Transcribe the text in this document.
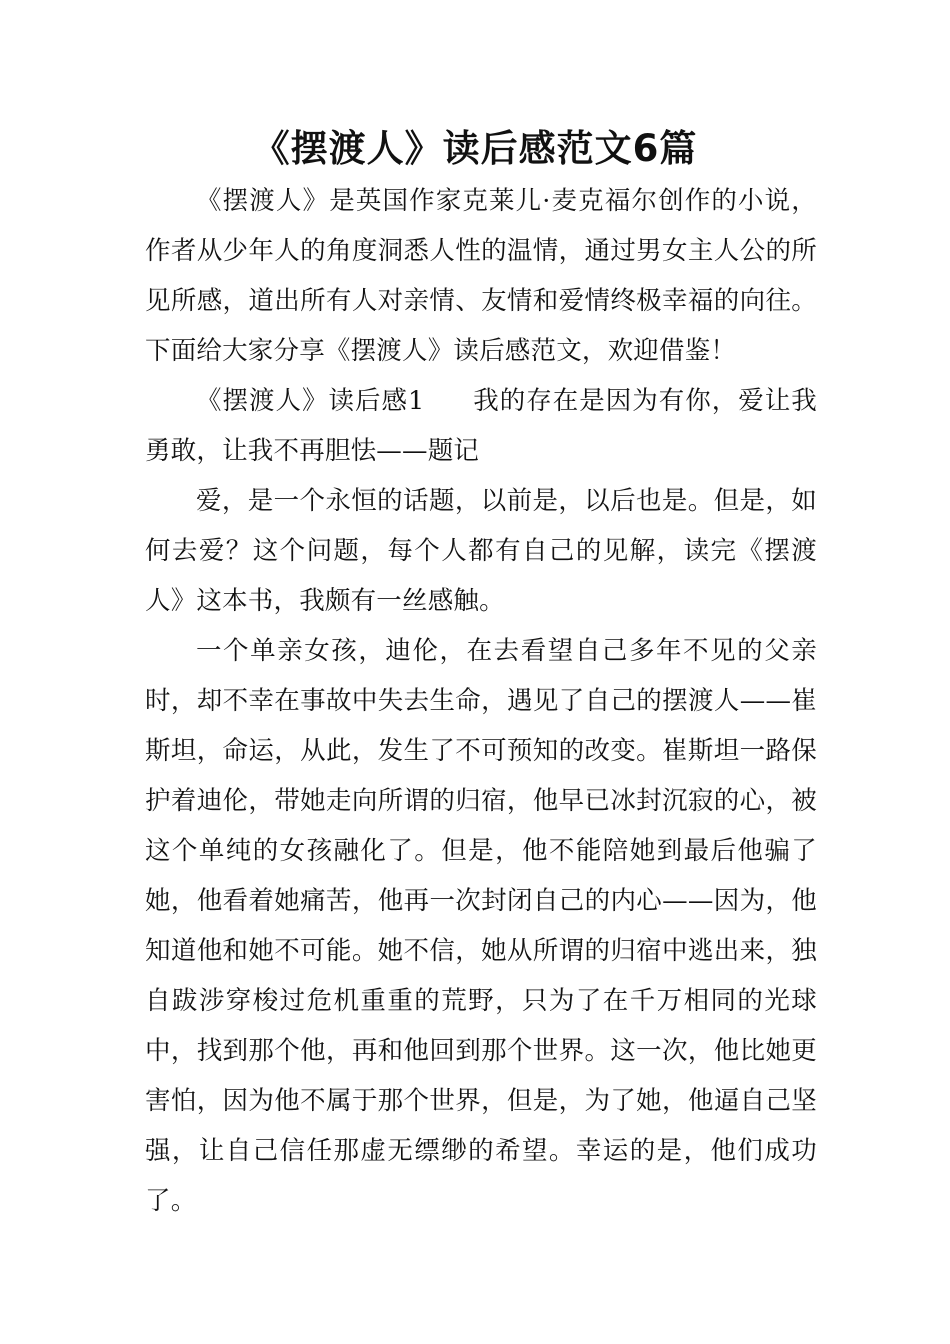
《摆渡人》读后感范文6篇

《摆渡人》是英国作家克莱儿·麦克福尔创作的小说，作者从少年人的角度洞悉人性的温情，通过男女主人公的所见所感，道出所有人对亲情、友情和爱情终极幸福的向往。下面给大家分享《摆渡人》读后感范文，欢迎借鉴！

《摆渡人》读后感1 我的存在是因为有你，爱让我勇敢，让我不再胆怯——题记

爱，是一个永恒的话题，以前是，以后也是。但是，如何去爱？这个问题，每个人都有自己的见解，读完《摆渡人》这本书，我颇有一丝感触。

一个单亲女孩，迪伦，在去看望自己多年不见的父亲时，却不幸在事故中失去生命，遇见了自己的摆渡人——崔斯坦，命运，从此，发生了不可预知的改变。崔斯坦一路保护着迪伦，带她走向所谓的归宿，他早已冰封沉寂的心，被这个单纯的女孩融化了。但是，他不能陪她到最后他骗了她，他看着她痛苦，他再一次封闭自己的内心——因为，他知道他和她不可能。她不信，她从所谓的归宿中逃出来，独自跋涉穿梭过危机重重的荒野，只为了在千万相同的光球中，找到那个他，再和他回到那个世界。这一次，他比她更害怕，因为他不属于那个世界，但是，为了她，他逼自己坚强，让自己信任那虚无缥缈的希望。幸运的是，他们成功了。
